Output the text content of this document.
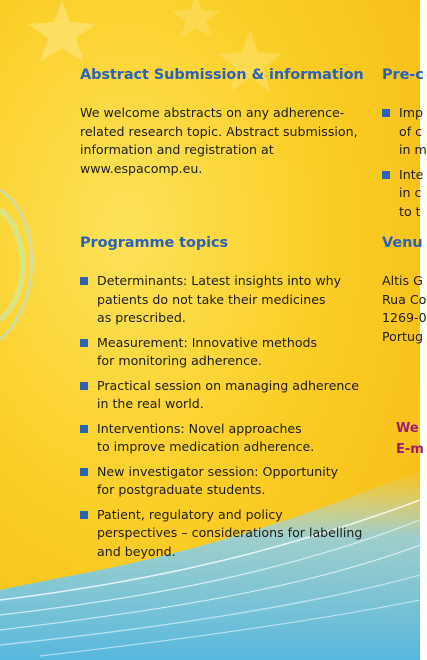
Abstract Submission & information
We welcome abstracts on any adherence-
related research topic. Abstract submission,
information and registration at
www.espacomp.eu.
Programme topics
Determinants: Latest insights into why
patients do not take their medicines
as prescribed.
Measurement: Innovative methods
for monitoring adherence.
Practical session on managing adherence
in the real world.
Interventions: Novel approaches
to improve medication adherence.
New investigator session: Opportunity
for postgraduate students.
Patient, regulatory and policy
perspectives – considerations for labelling
and beyond.
Pre-c
Imp
of c
in m
Inte
in c
to t
Venu
Altis G
Rua Co
1269-0
Portug
We
E-m
